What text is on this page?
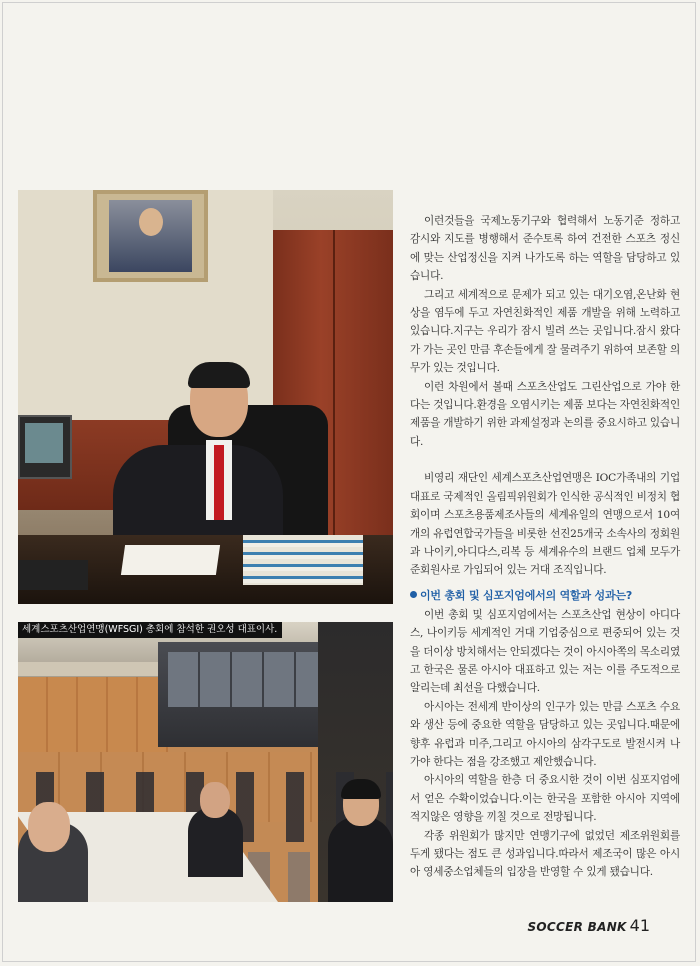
세계스포츠산업연맹(WFSGI) 총회에 참석한 권오성 대표이사.

이런것들을 국제노동기구와 협력해서 노동기준 정하고 감시와 지도를 병행해서 준수토록 하여 건전한 스포츠 정신에 맞는 산업정신을 지켜 나가도록 하는 역할을 담당하고 있습니다.

그리고 세계적으로 문제가 되고 있는 대기오염,온난화 현상을 염두에 두고 자연친화적인 제품 개발을 위해 노력하고 있습니다.지구는 우리가 잠시 빌려 쓰는 곳입니다.잠시 왔다가 가는 곳인 만큼 후손들에게 잘 물려주기 위하여 보존할 의무가 있는 것입니다.

이런 차원에서 볼때 스포츠산업도 그린산업으로 가야 한다는 것입니다.환경을 오염시키는 제품 보다는 자연친화적인 제품을 개발하기 위한 과제설정과 논의를 중요시하고 있습니다.

비영리 재단인 세계스포츠산업연맹은 IOC가족내의 기업대표로 국제적인 올림픽위원회가 인식한 공식적인 비정치 협회이며 스포츠용품제조사들의 세계유일의 연맹으로서 10여개의 유럽연합국가들을 비롯한 선진25개국 소속사의 정회원과 나이키,아디다스,리복 등 세계유수의 브랜드 업체 모두가 준회원사로 가입되어 있는 거대 조직입니다.

이번 총회 및 심포지엄에서의 역할과 성과는?

이번 총회 및 심포지엄에서는 스포츠산업 현상이 아디다스, 나이키등 세계적인 거대 기업중심으로 편중되어 있는 것을 더이상 방치해서는 안되겠다는 것이 아시아쪽의 목소리였고 한국은 물론 아시아 대표하고 있는 저는 이를 주도적으로 알리는데 최선을 다했습니다.

아시아는 전세계 반이상의 인구가 있는 만큼 스포츠 수요와 생산 등에 중요한 역할을 담당하고 있는 곳입니다.때문에 향후 유럽과 미주,그리고 아시아의 삼각구도로 발전시켜 나가야 한다는 점을 강조했고 제안했습니다.

아시아의 역할을 한층 더 중요시한 것이 이번 심포지엄에서 얻은 수확이었습니다.이는 한국을 포함한 아시아 지역에 적지않은 영향을 끼칠 것으로 전망됩니다.

각종 위원회가 많지만 연맹기구에 없었던 제조위원회를 두게 됐다는 점도 큰 성과입니다.따라서 제조국이 많은 아시아 영세중소업체들의 입장을 반영할 수 있게 됐습니다.

SOCCER BANK 41
